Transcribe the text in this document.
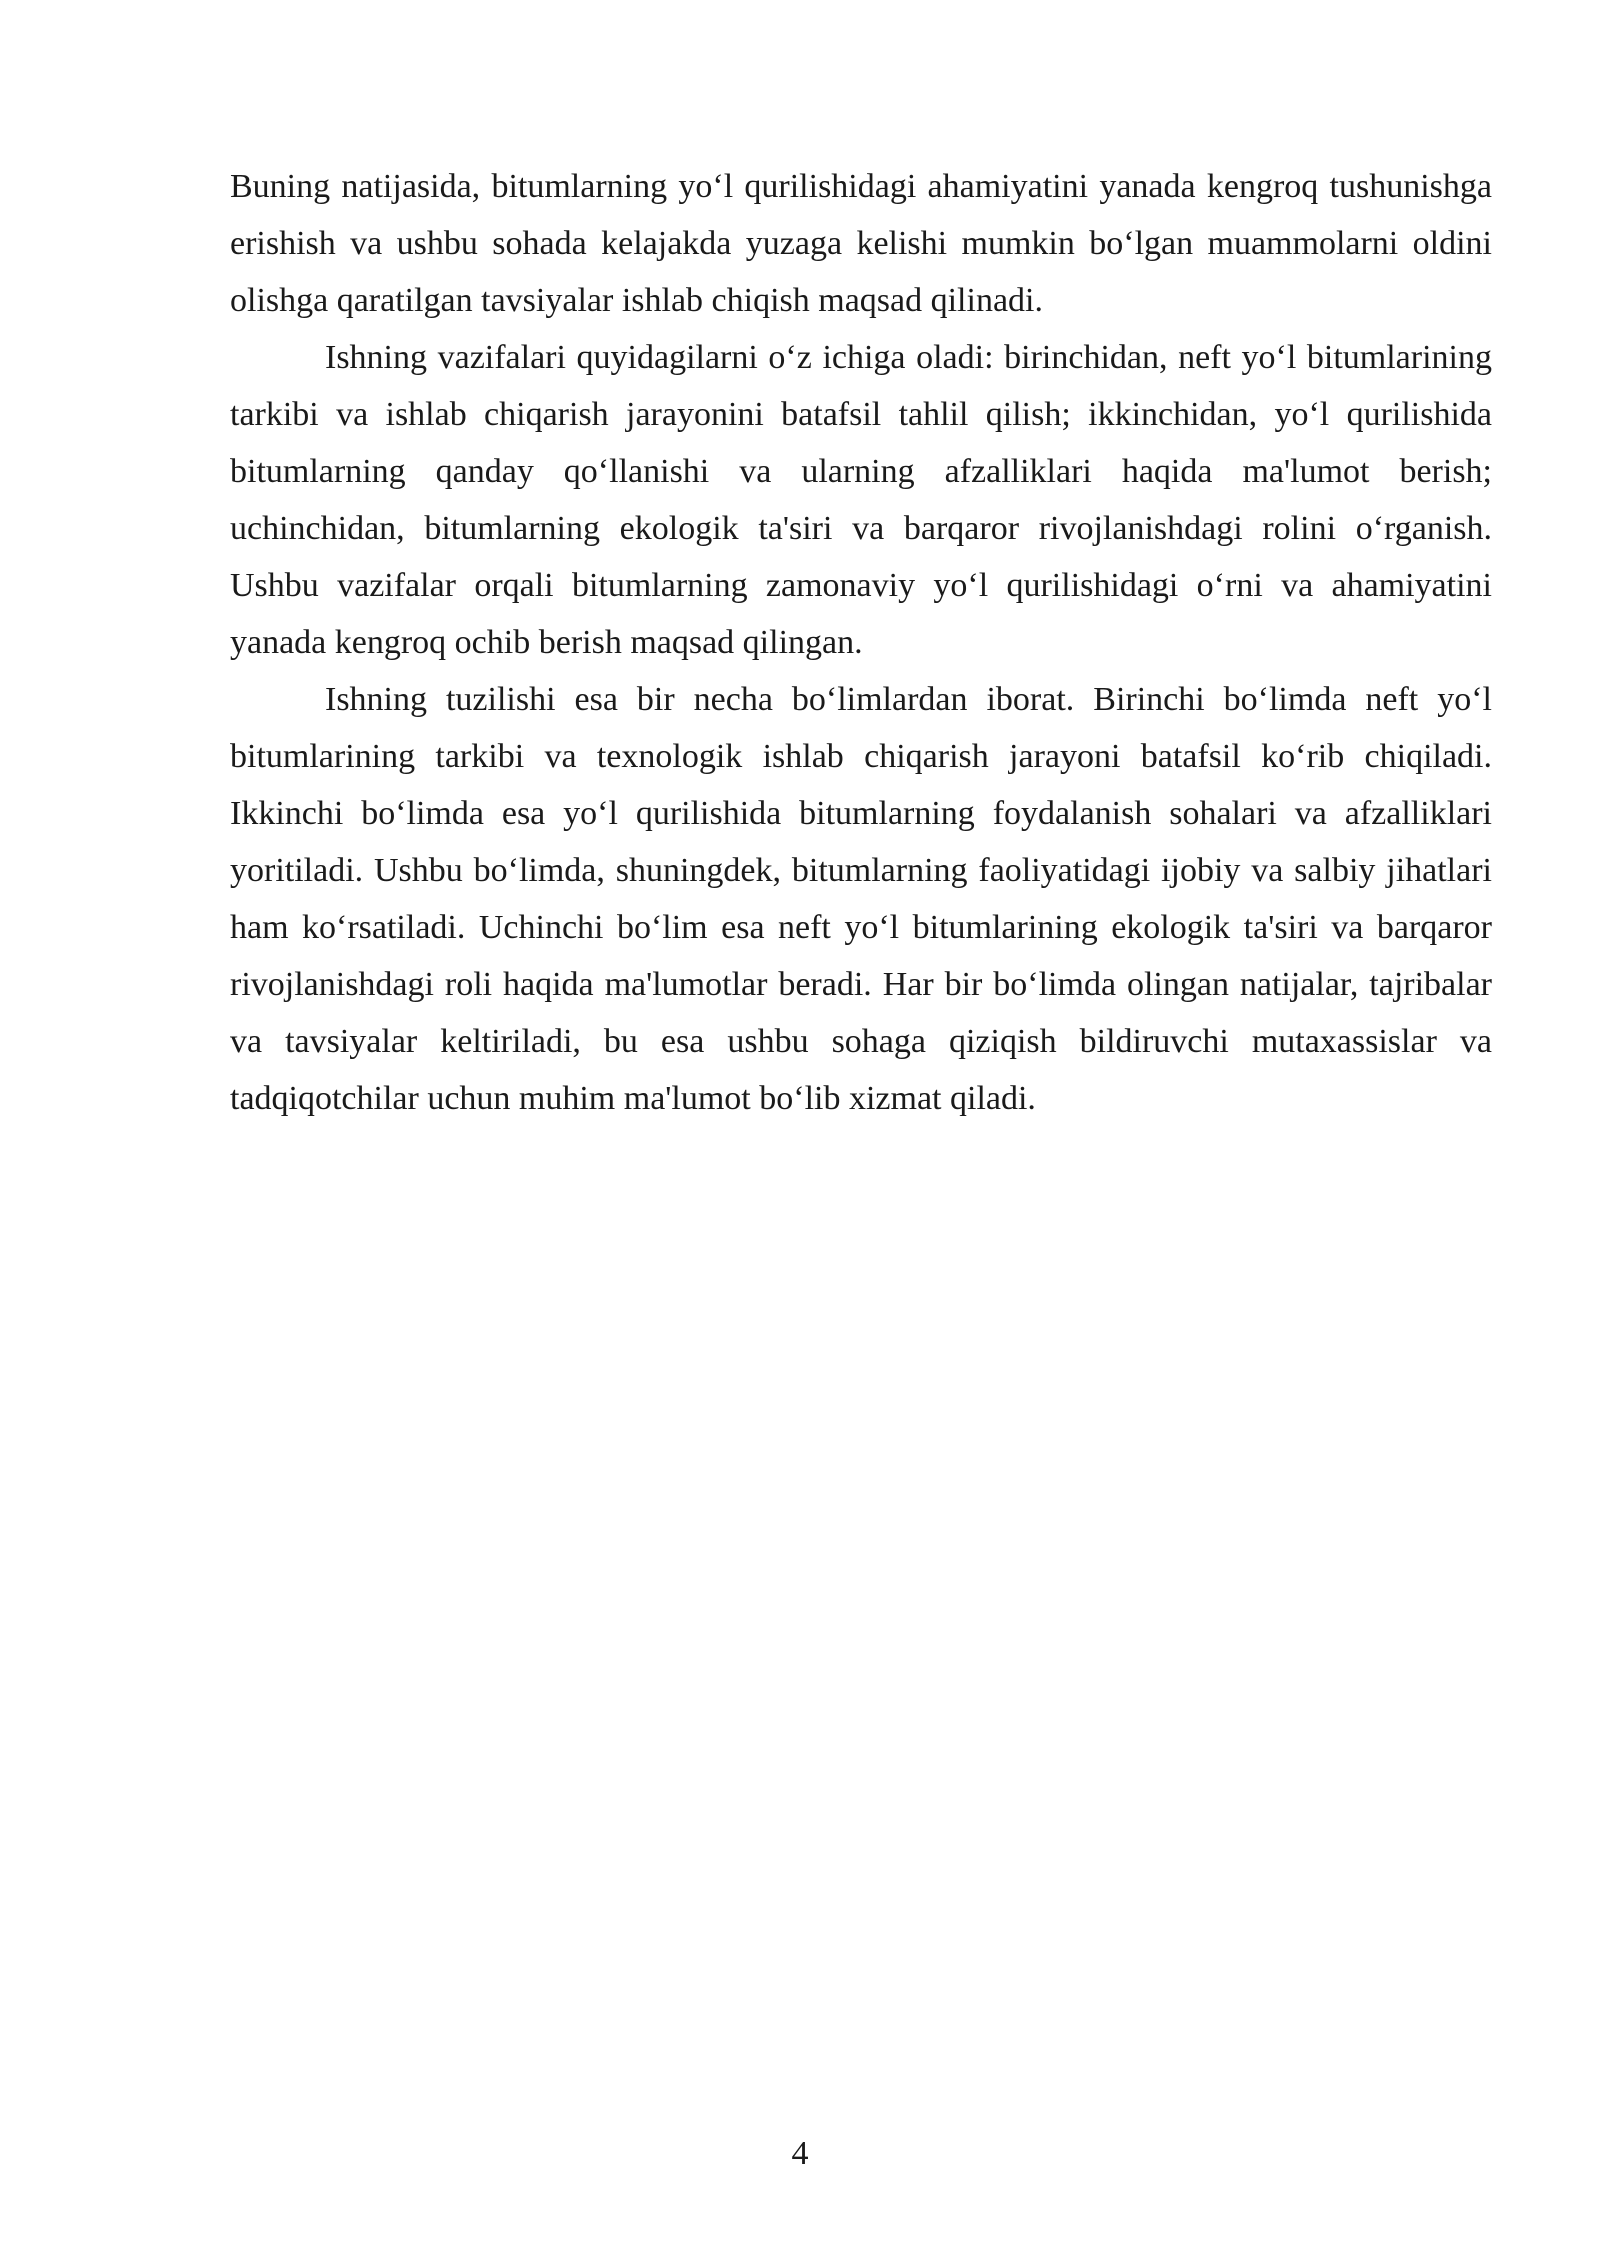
Buning natijasida, bitumlarning yo‘l qurilishidagi ahamiyatini yanada kengroq tushunishga erishish va ushbu sohada kelajakda yuzaga kelishi mumkin bo‘lgan muammolarni oldini olishga qaratilgan tavsiyalar ishlab chiqish maqsad qilinadi.

Ishning vazifalari quyidagilarni o‘z ichiga oladi: birinchidan, neft yo‘l bitumlarining tarkibi va ishlab chiqarish jarayonini batafsil tahlil qilish; ikkinchidan, yo‘l qurilishida bitumlarning qanday qo‘llanishi va ularning afzalliklari haqida ma'lumot berish; uchinchidan, bitumlarning ekologik ta'siri va barqaror rivojlanishdagi rolini o‘rganish. Ushbu vazifalar orqali bitumlarning zamonaviy yo‘l qurilishidagi o‘rni va ahamiyatini yanada kengroq ochib berish maqsad qilingan.

Ishning tuzilishi esa bir necha bo‘limlardan iborat. Birinchi bo‘limda neft yo‘l bitumlarining tarkibi va texnologik ishlab chiqarish jarayoni batafsil ko‘rib chiqiladi. Ikkinchi bo‘limda esa yo‘l qurilishida bitumlarning foydalanish sohalari va afzalliklari yoritiladi. Ushbu bo‘limda, shuningdek, bitumlarning faoliyatidagi ijobiy va salbiy jihatlari ham ko‘rsatiladi. Uchinchi bo‘lim esa neft yo‘l bitumlarining ekologik ta'siri va barqaror rivojlanishdagi roli haqida ma'lumotlar beradi. Har bir bo‘limda olingan natijalar, tajribalar va tavsiyalar keltiriladi, bu esa ushbu sohaga qiziqish bildiruvchi mutaxassislar va tadqiqotchilar uchun muhim ma'lumot bo‘lib xizmat qiladi.

4
